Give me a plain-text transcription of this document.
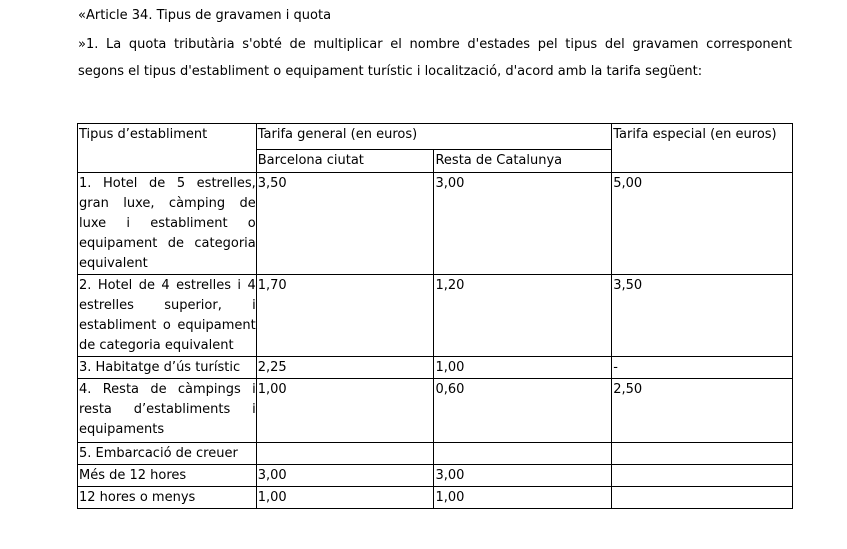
«Article 34. Tipus de gravamen i quota

»1. La quota tributària s'obté de multiplicar el nombre d'estades pel tipus del gravamen corresponent segons el tipus d'establiment o equipament turístic i localització, d'acord amb la tarifa següent:

Tipus d’establiment	Tarifa general (en euros)		Tarifa especial (en euros)
	Barcelona ciutat	Resta de Catalunya	
1. Hotel de 5 estrelles, gran luxe, càmping de luxe i establiment o equipament de categoria equivalent	3,50	3,00	5,00
2. Hotel de 4 estrelles i 4 estrelles superior, i establiment o equipament de categoria equivalent	1,70	1,20	3,50
3. Habitatge d’ús turístic	2,25	1,00	-
4. Resta de càmpings i resta d’establiments i equipaments	1,00	0,60	2,50
5. Embarcació de creuer			
Més de 12 hores	3,00	3,00	
12 hores o menys	1,00	1,00	
